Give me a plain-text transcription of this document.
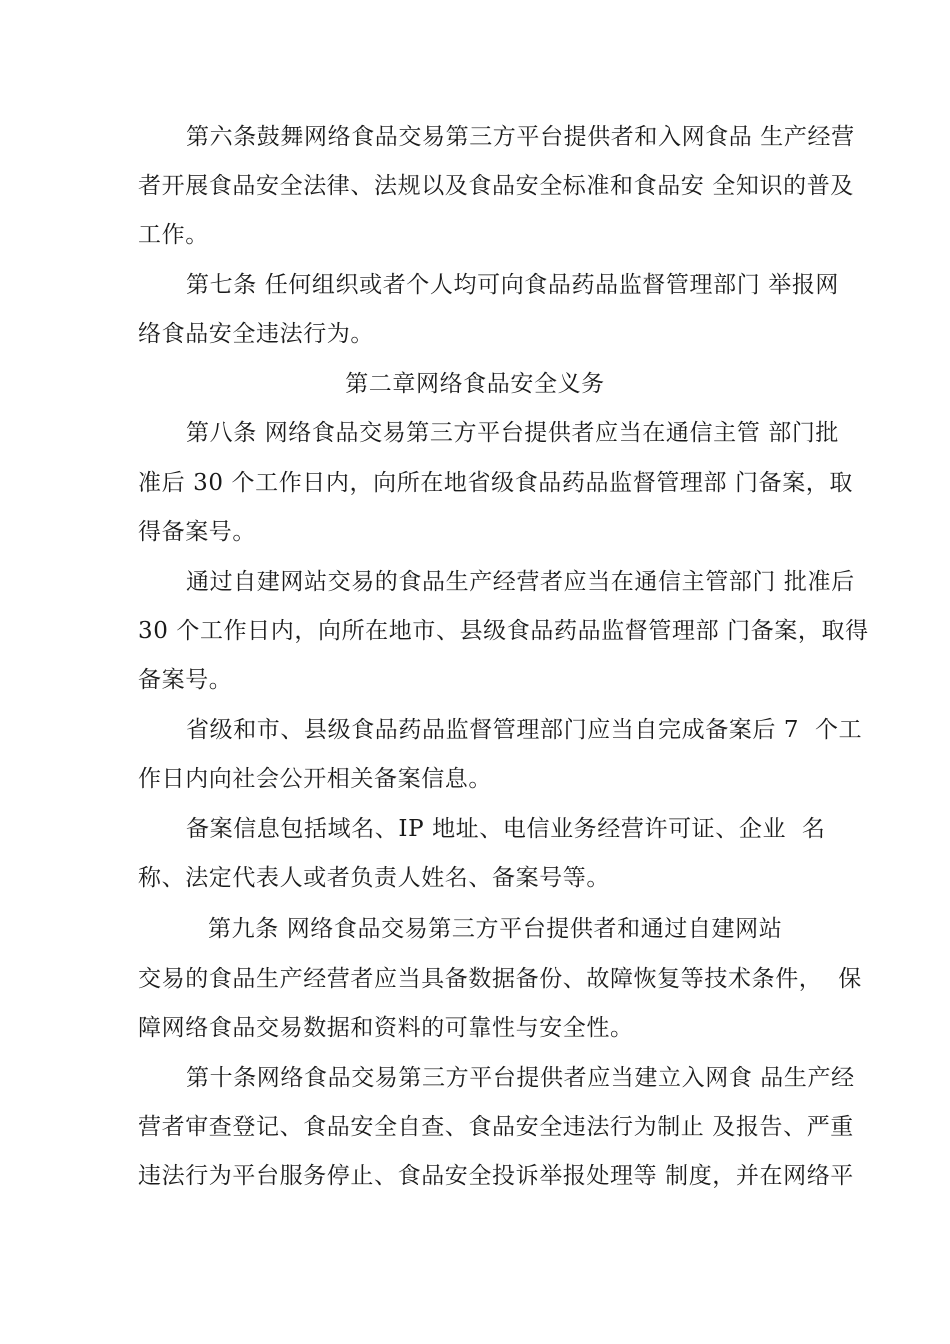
第六条鼓舞网络食品交易第三方平台提供者和入网食品 生产经营
者开展食品安全法律、法规以及食品安全标准和食品安 全知识的普及
工作。
第七条 任何组织或者个人均可向食品药品监督管理部门 举报网
络食品安全违法行为。
第二章网络食品安全义务
第八条 网络食品交易第三方平台提供者应当在通信主管 部门批
准后 30 个工作日内，向所在地省级食品药品监督管理部 门备案，取
得备案号。
通过自建网站交易的食品生产经营者应当在通信主管部门 批准后
30 个工作日内，向所在地市、县级食品药品监督管理部 门备案，取得
备案号。
省级和市、县级食品药品监督管理部门应当自完成备案后 7  个工
作日内向社会公开相关备案信息。
备案信息包括域名、IP 地址、电信业务经营许可证、企业  名
称、法定代表人或者负责人姓名、备案号等。
第九条 网络食品交易第三方平台提供者和通过自建网站
交易的食品生产经营者应当具备数据备份、故障恢复等技术条件，  保
障网络食品交易数据和资料的可靠性与安全性。
第十条网络食品交易第三方平台提供者应当建立入网食 品生产经
营者审查登记、食品安全自查、食品安全违法行为制止 及报告、严重
违法行为平台服务停止、食品安全投诉举报处理等 制度，并在网络平
